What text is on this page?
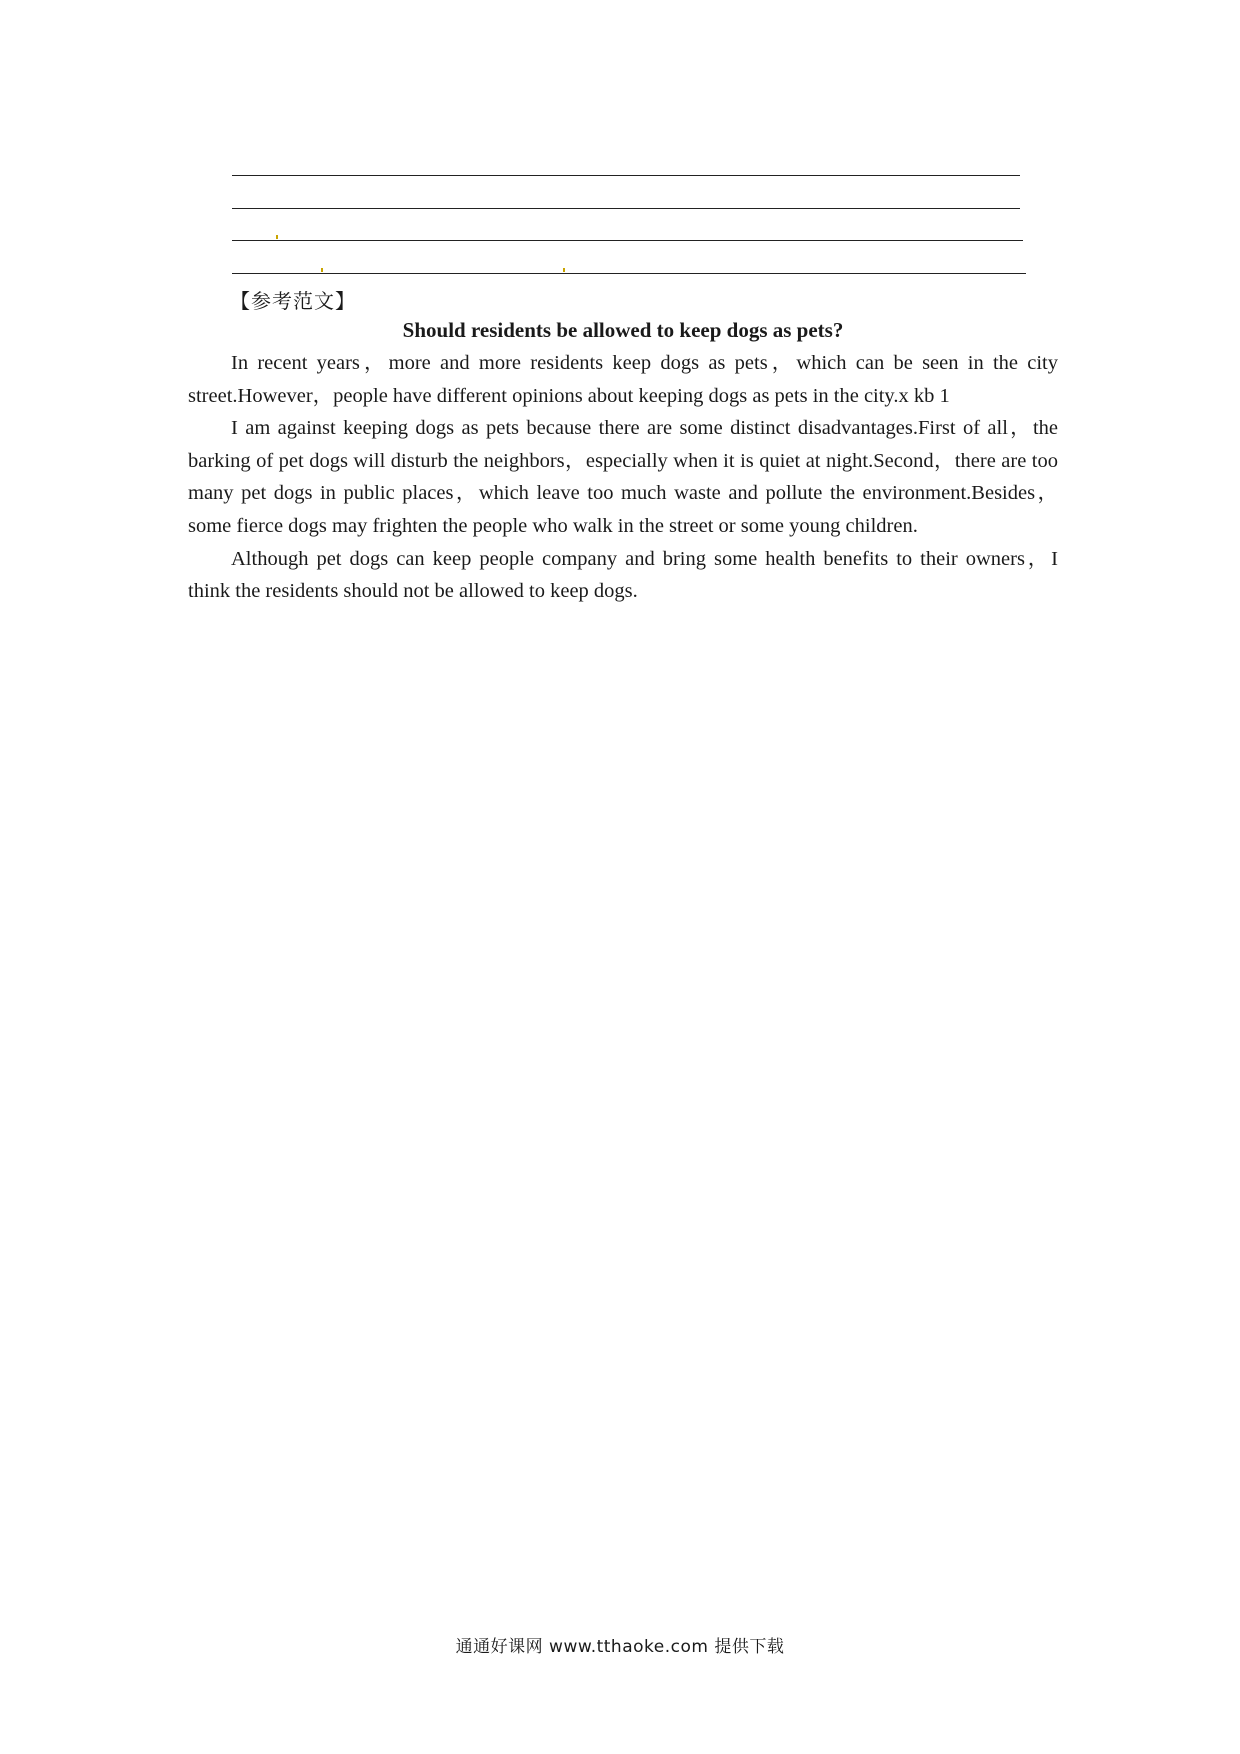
【参考范文】
Should residents be allowed to keep dogs as pets?

In recent years，more and more residents keep dogs as pets，which can be seen in the city street.However，people have different opinions about keeping dogs as pets in the city.x kb 1

I am against keeping dogs as pets because there are some distinct disadvantages.First of all，the barking of pet dogs will disturb the neighbors，especially when it is quiet at night.Second，there are too many pet dogs in public places，which leave too much waste and pollute the environment.Besides，some fierce dogs may frighten the people who walk in the street or some young children.

Although pet dogs can keep people company and bring some health benefits to their owners，I think the residents should not be allowed to keep dogs.

通通好课网 www.tthaoke.com 提供下载
